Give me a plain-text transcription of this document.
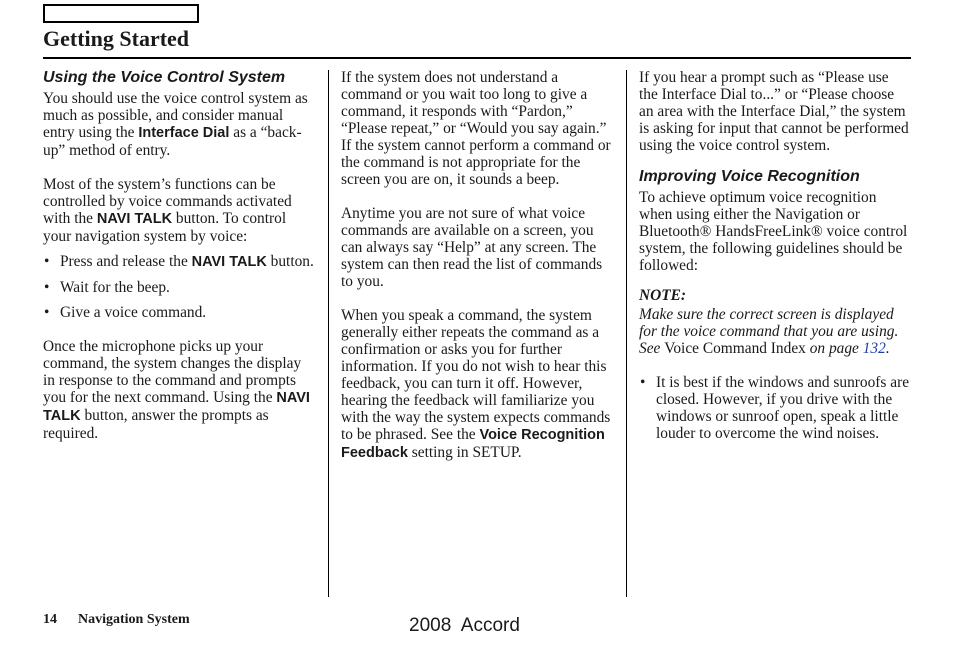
Getting Started
Using the Voice Control System

You should use the voice control system as much as possible, and consider manual entry using the Interface Dial as a “back-up” method of entry.

Most of the system’s functions can be controlled by voice commands activated with the NAVI TALK button. To control your navigation system by voice:

• Press and release the NAVI TALK button.
• Wait for the beep.
• Give a voice command.

Once the microphone picks up your command, the system changes the display in response to the command and prompts you for the next command. Using the NAVI TALK button, answer the prompts as required.

If the system does not understand a command or you wait too long to give a command, it responds with “Pardon,” “Please repeat,” or “Would you say again.” If the system cannot perform a command or the command is not appropriate for the screen you are on, it sounds a beep.

Anytime you are not sure of what voice commands are available on a screen, you can always say “Help” at any screen. The system can then read the list of commands to you.

When you speak a command, the system generally either repeats the command as a confirmation or asks you for further information. If you do not wish to hear this feedback, you can turn it off. However, hearing the feedback will familiarize you with the way the system expects commands to be phrased. See the Voice Recognition Feedback setting in SETUP.

If you hear a prompt such as “Please use the Interface Dial to...” or “Please choose an area with the Interface Dial,” the system is asking for input that cannot be performed using the voice control system.

Improving Voice Recognition

To achieve optimum voice recognition when using either the Navigation or Bluetooth® HandsFreeLink® voice control system, the following guidelines should be followed:

NOTE:

Make sure the correct screen is displayed for the voice command that you are using. See Voice Command Index on page 132.

• It is best if the windows and sunroofs are closed. However, if you drive with the windows or sunroof open, speak a little louder to overcome the wind noises.
14 Navigation System	2008  Accord
